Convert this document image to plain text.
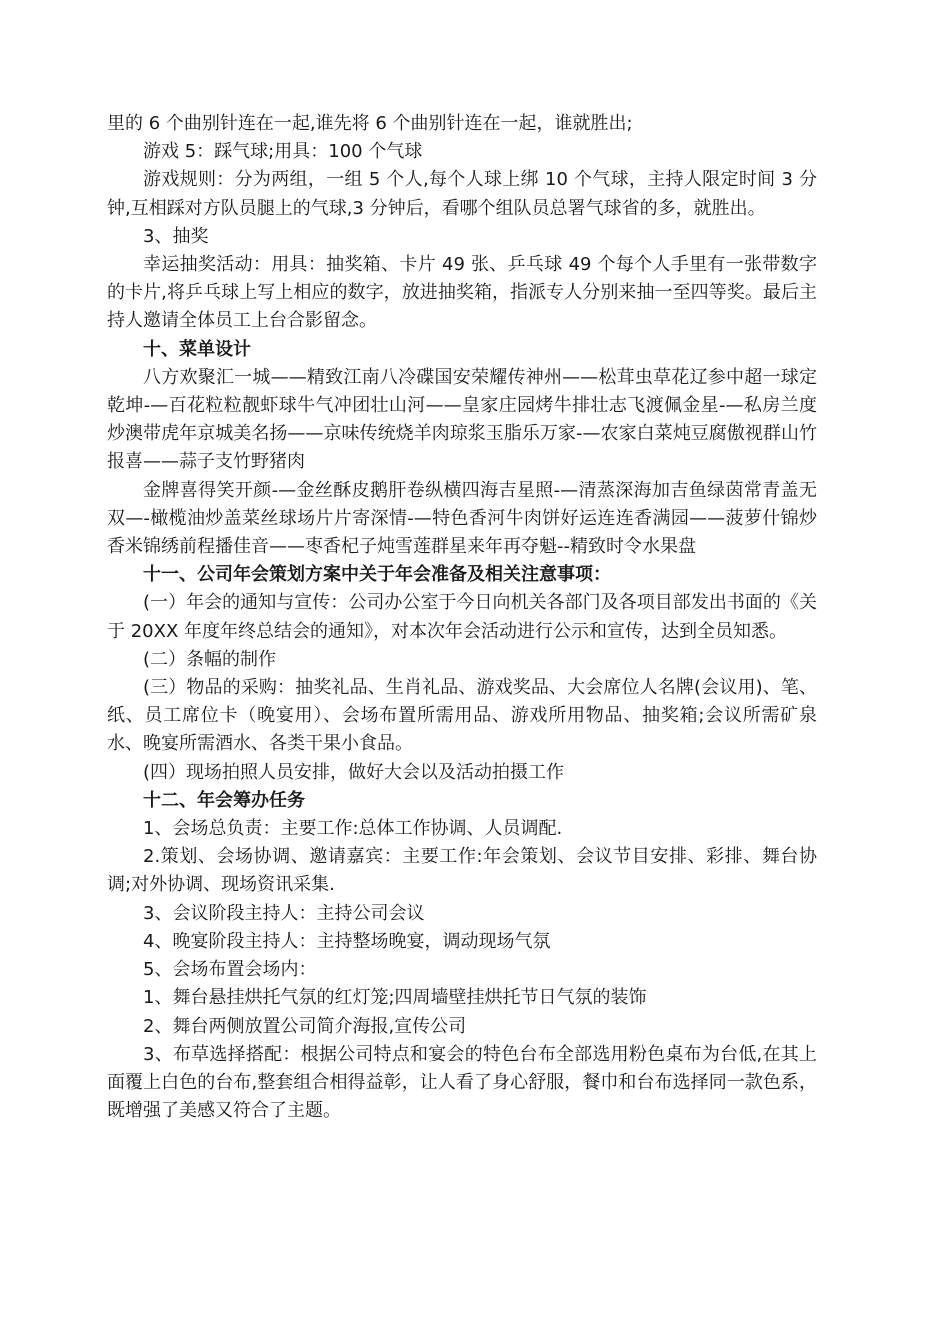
里的 6 个曲别针连在一起,谁先将 6 个曲别针连在一起，谁就胜出;

游戏 5：踩气球;用具：100 个气球

游戏规则：分为两组，一组 5 个人,每个人球上绑 10 个气球，主持人限定时间 3 分钟,互相踩对方队员腿上的气球,3 分钟后，看哪个组队员总署气球省的多，就胜出。

3、抽奖

幸运抽奖活动：用具：抽奖箱、卡片 49 张、乒乓球 49 个每个人手里有一张带数字的卡片,将乒乓球上写上相应的数字，放进抽奖箱，指派专人分别来抽一至四等奖。最后主持人邀请全体员工上台合影留念。

十、菜单设计

八方欢聚汇一城——精致江南八冷碟国安荣耀传神州——松茸虫草花辽参中超一球定乾坤-—百花粒粒靓虾球牛气冲团壮山河——皇家庄园烤牛排壮志飞渡佩金星-—私房兰度炒澳带虎年京城美名扬——京味传统烧羊肉琼浆玉脂乐万家-—农家白菜炖豆腐傲视群山竹报喜——蒜子支竹野猪肉

金牌喜得笑开颜-—金丝酥皮鹅肝卷纵横四海吉星照-—清蒸深海加吉鱼绿茵常青盖无双—-橄榄油炒盖菜丝球场片片寄深情-—特色香河牛肉饼好运连连香满园——菠萝什锦炒香米锦绣前程播佳音——枣香杞子炖雪莲群星来年再夺魁--精致时令水果盘

十一、公司年会策划方案中关于年会准备及相关注意事项：

(一）年会的通知与宣传：公司办公室于今日向机关各部门及各项目部发出书面的《关于 20XX 年度年终总结会的通知》，对本次年会活动进行公示和宣传，达到全员知悉。

(二）条幅的制作

(三）物品的采购：抽奖礼品、生肖礼品、游戏奖品、大会席位人名牌(会议用)、笔、纸、员工席位卡（晚宴用）、会场布置所需用品、游戏所用物品、抽奖箱;会议所需矿泉水、晚宴所需酒水、各类干果小食品。

(四）现场拍照人员安排，做好大会以及活动拍摄工作

十二、年会筹办任务

1、会场总负责：主要工作:总体工作协调、人员调配.

2.策划、会场协调、邀请嘉宾：主要工作:年会策划、会议节目安排、彩排、舞台协调;对外协调、现场资讯采集.

3、会议阶段主持人：主持公司会议

4、晚宴阶段主持人：主持整场晚宴，调动现场气氛

5、会场布置会场内：

1、舞台悬挂烘托气氛的红灯笼;四周墙壁挂烘托节日气氛的装饰

2、舞台两侧放置公司简介海报,宣传公司

3、布草选择搭配：根据公司特点和宴会的特色台布全部选用粉色桌布为台低,在其上面覆上白色的台布,整套组合相得益彰，让人看了身心舒服，餐巾和台布选择同一款色系，既增强了美感又符合了主题。
